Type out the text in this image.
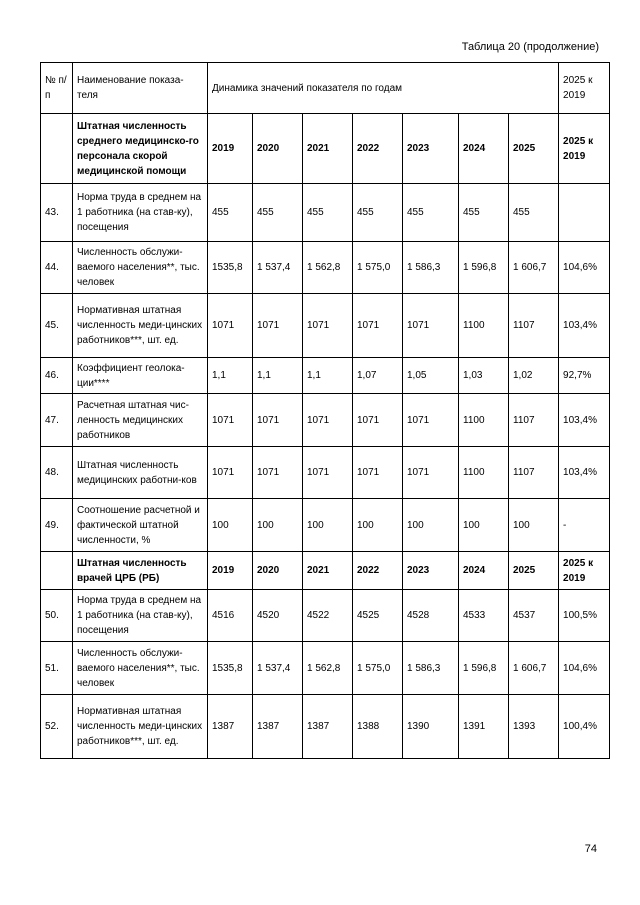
Таблица 20 (продолжение)
№ п/п	Наименование показа-теля	Динамика значений показателя по годам							2025 к 2019
	Штатная численность среднего медицинско-го персонала скорой медицинской помощи	2019	2020	2021	2022	2023	2024	2025	2025 к 2019
43.	Норма труда в среднем на 1 работника (на став-ку), посещения	455	455	455	455	455	455	455	
44.	Численность обслужи-ваемого населения**, тыс. человек	1535,8	1 537,4	1 562,8	1 575,0	1 586,3	1 596,8	1 606,7	104,6%
45.	Нормативная штатная численность меди-цинских работников***, шт. ед.	1071	1071	1071	1071	1071	1100	1107	103,4%
46.	Коэффициент геолока-ции****	1,1	1,1	1,1	1,07	1,05	1,03	1,02	92,7%
47.	Расчетная штатная чис-ленность медицинских работников	1071	1071	1071	1071	1071	1100	1107	103,4%
48.	Штатная численность медицинских работни-ков	1071	1071	1071	1071	1071	1100	1107	103,4%
49.	Соотношение расчетной и фактической штатной численности, %	100	100	100	100	100	100	100	-
	Штатная численность врачей ЦРБ (РБ)	2019	2020	2021	2022	2023	2024	2025	2025 к 2019
50.	Норма труда в среднем на 1 работника (на став-ку), посещения	4516	4520	4522	4525	4528	4533	4537	100,5%
51.	Численность обслужи-ваемого населения**, тыс. человек	1535,8	1 537,4	1 562,8	1 575,0	1 586,3	1 596,8	1 606,7	104,6%
52.	Нормативная штатная численность меди-цинских работников***, шт. ед.	1387	1387	1387	1388	1390	1391	1393	100,4%
74
